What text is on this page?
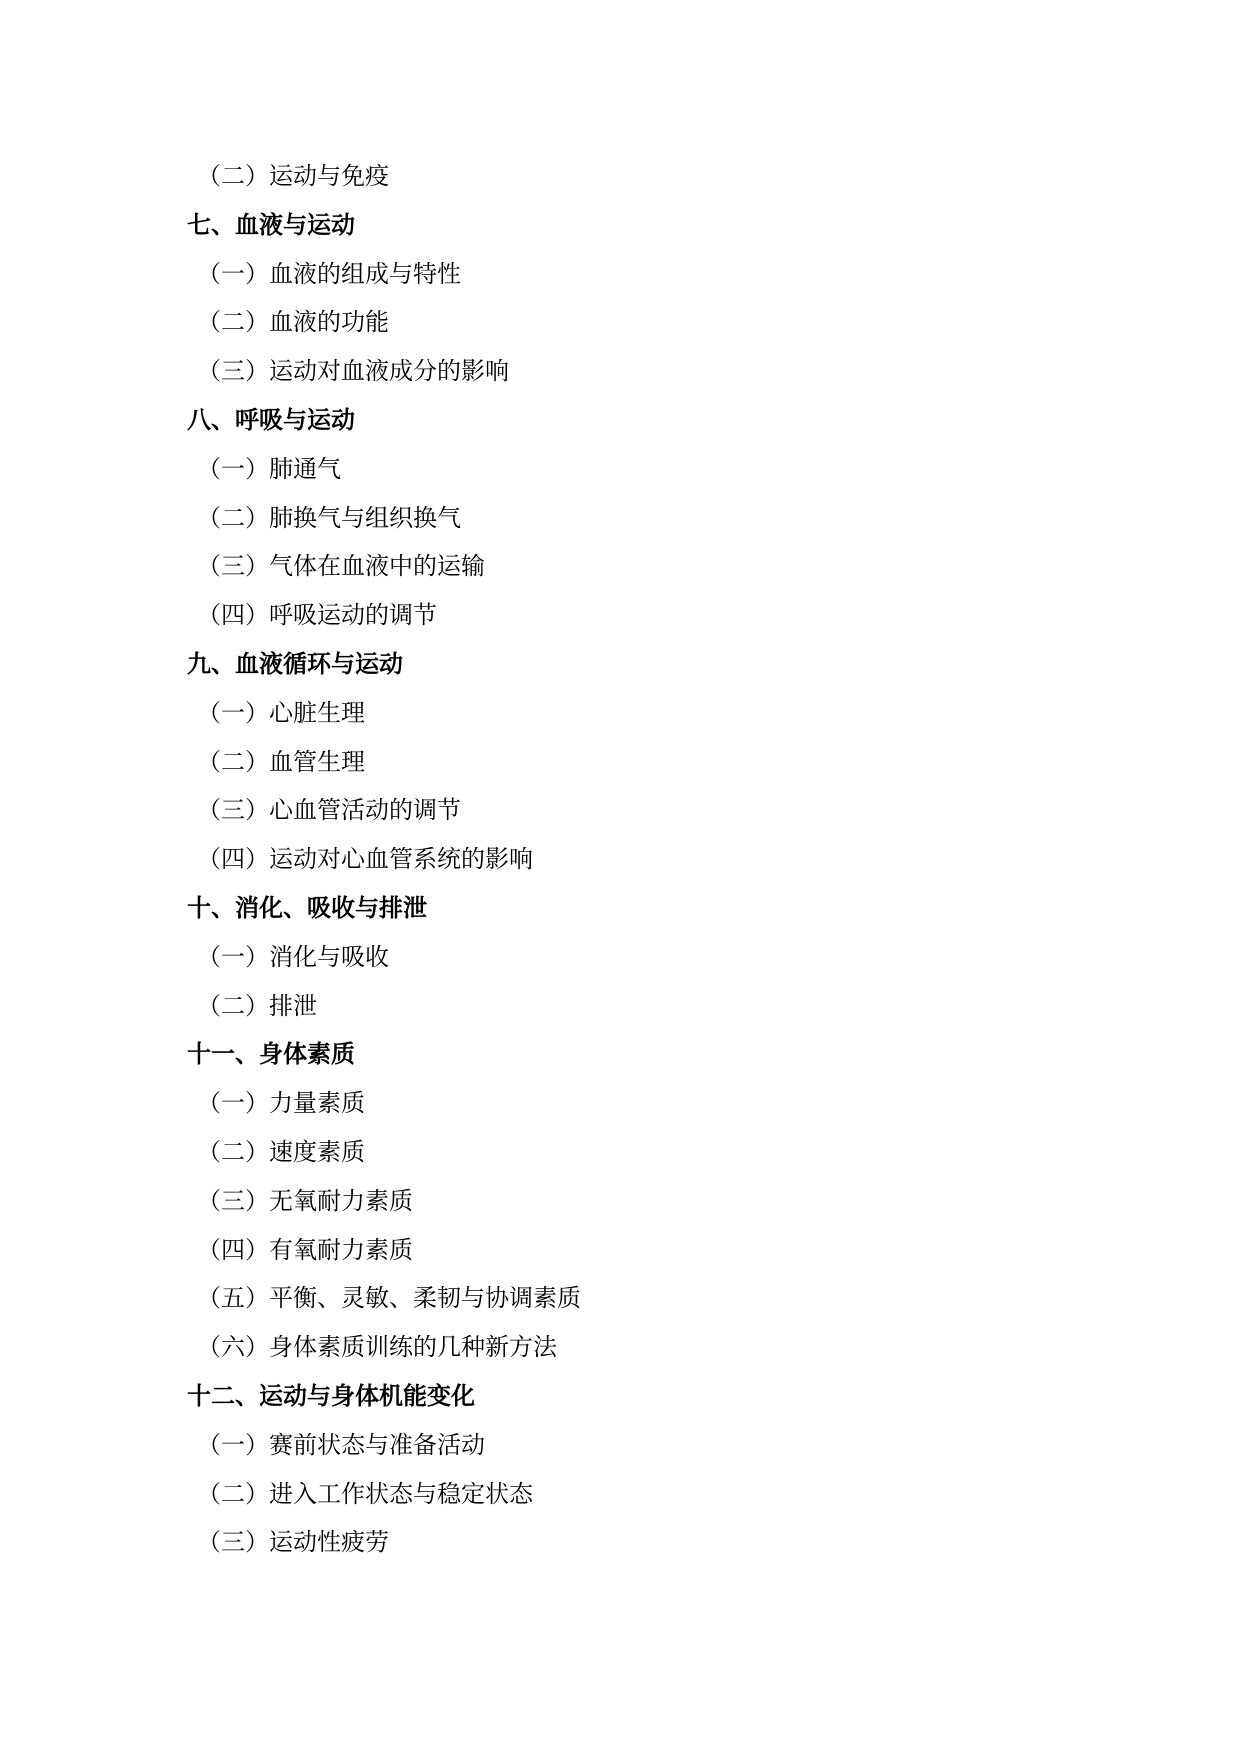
（二）运动与免疫
七、血液与运动
（一）血液的组成与特性
（二）血液的功能
（三）运动对血液成分的影响
八、呼吸与运动
（一）肺通气
（二）肺换气与组织换气
（三）气体在血液中的运输
（四）呼吸运动的调节
九、血液循环与运动
（一）心脏生理
（二）血管生理
（三）心血管活动的调节
（四）运动对心血管系统的影响
十、消化、吸收与排泄
（一）消化与吸收
（二）排泄
十一、身体素质
（一）力量素质
（二）速度素质
（三）无氧耐力素质
（四）有氧耐力素质
（五）平衡、灵敏、柔韧与协调素质
（六）身体素质训练的几种新方法
十二、运动与身体机能变化
（一）赛前状态与准备活动
（二）进入工作状态与稳定状态
（三）运动性疲劳
